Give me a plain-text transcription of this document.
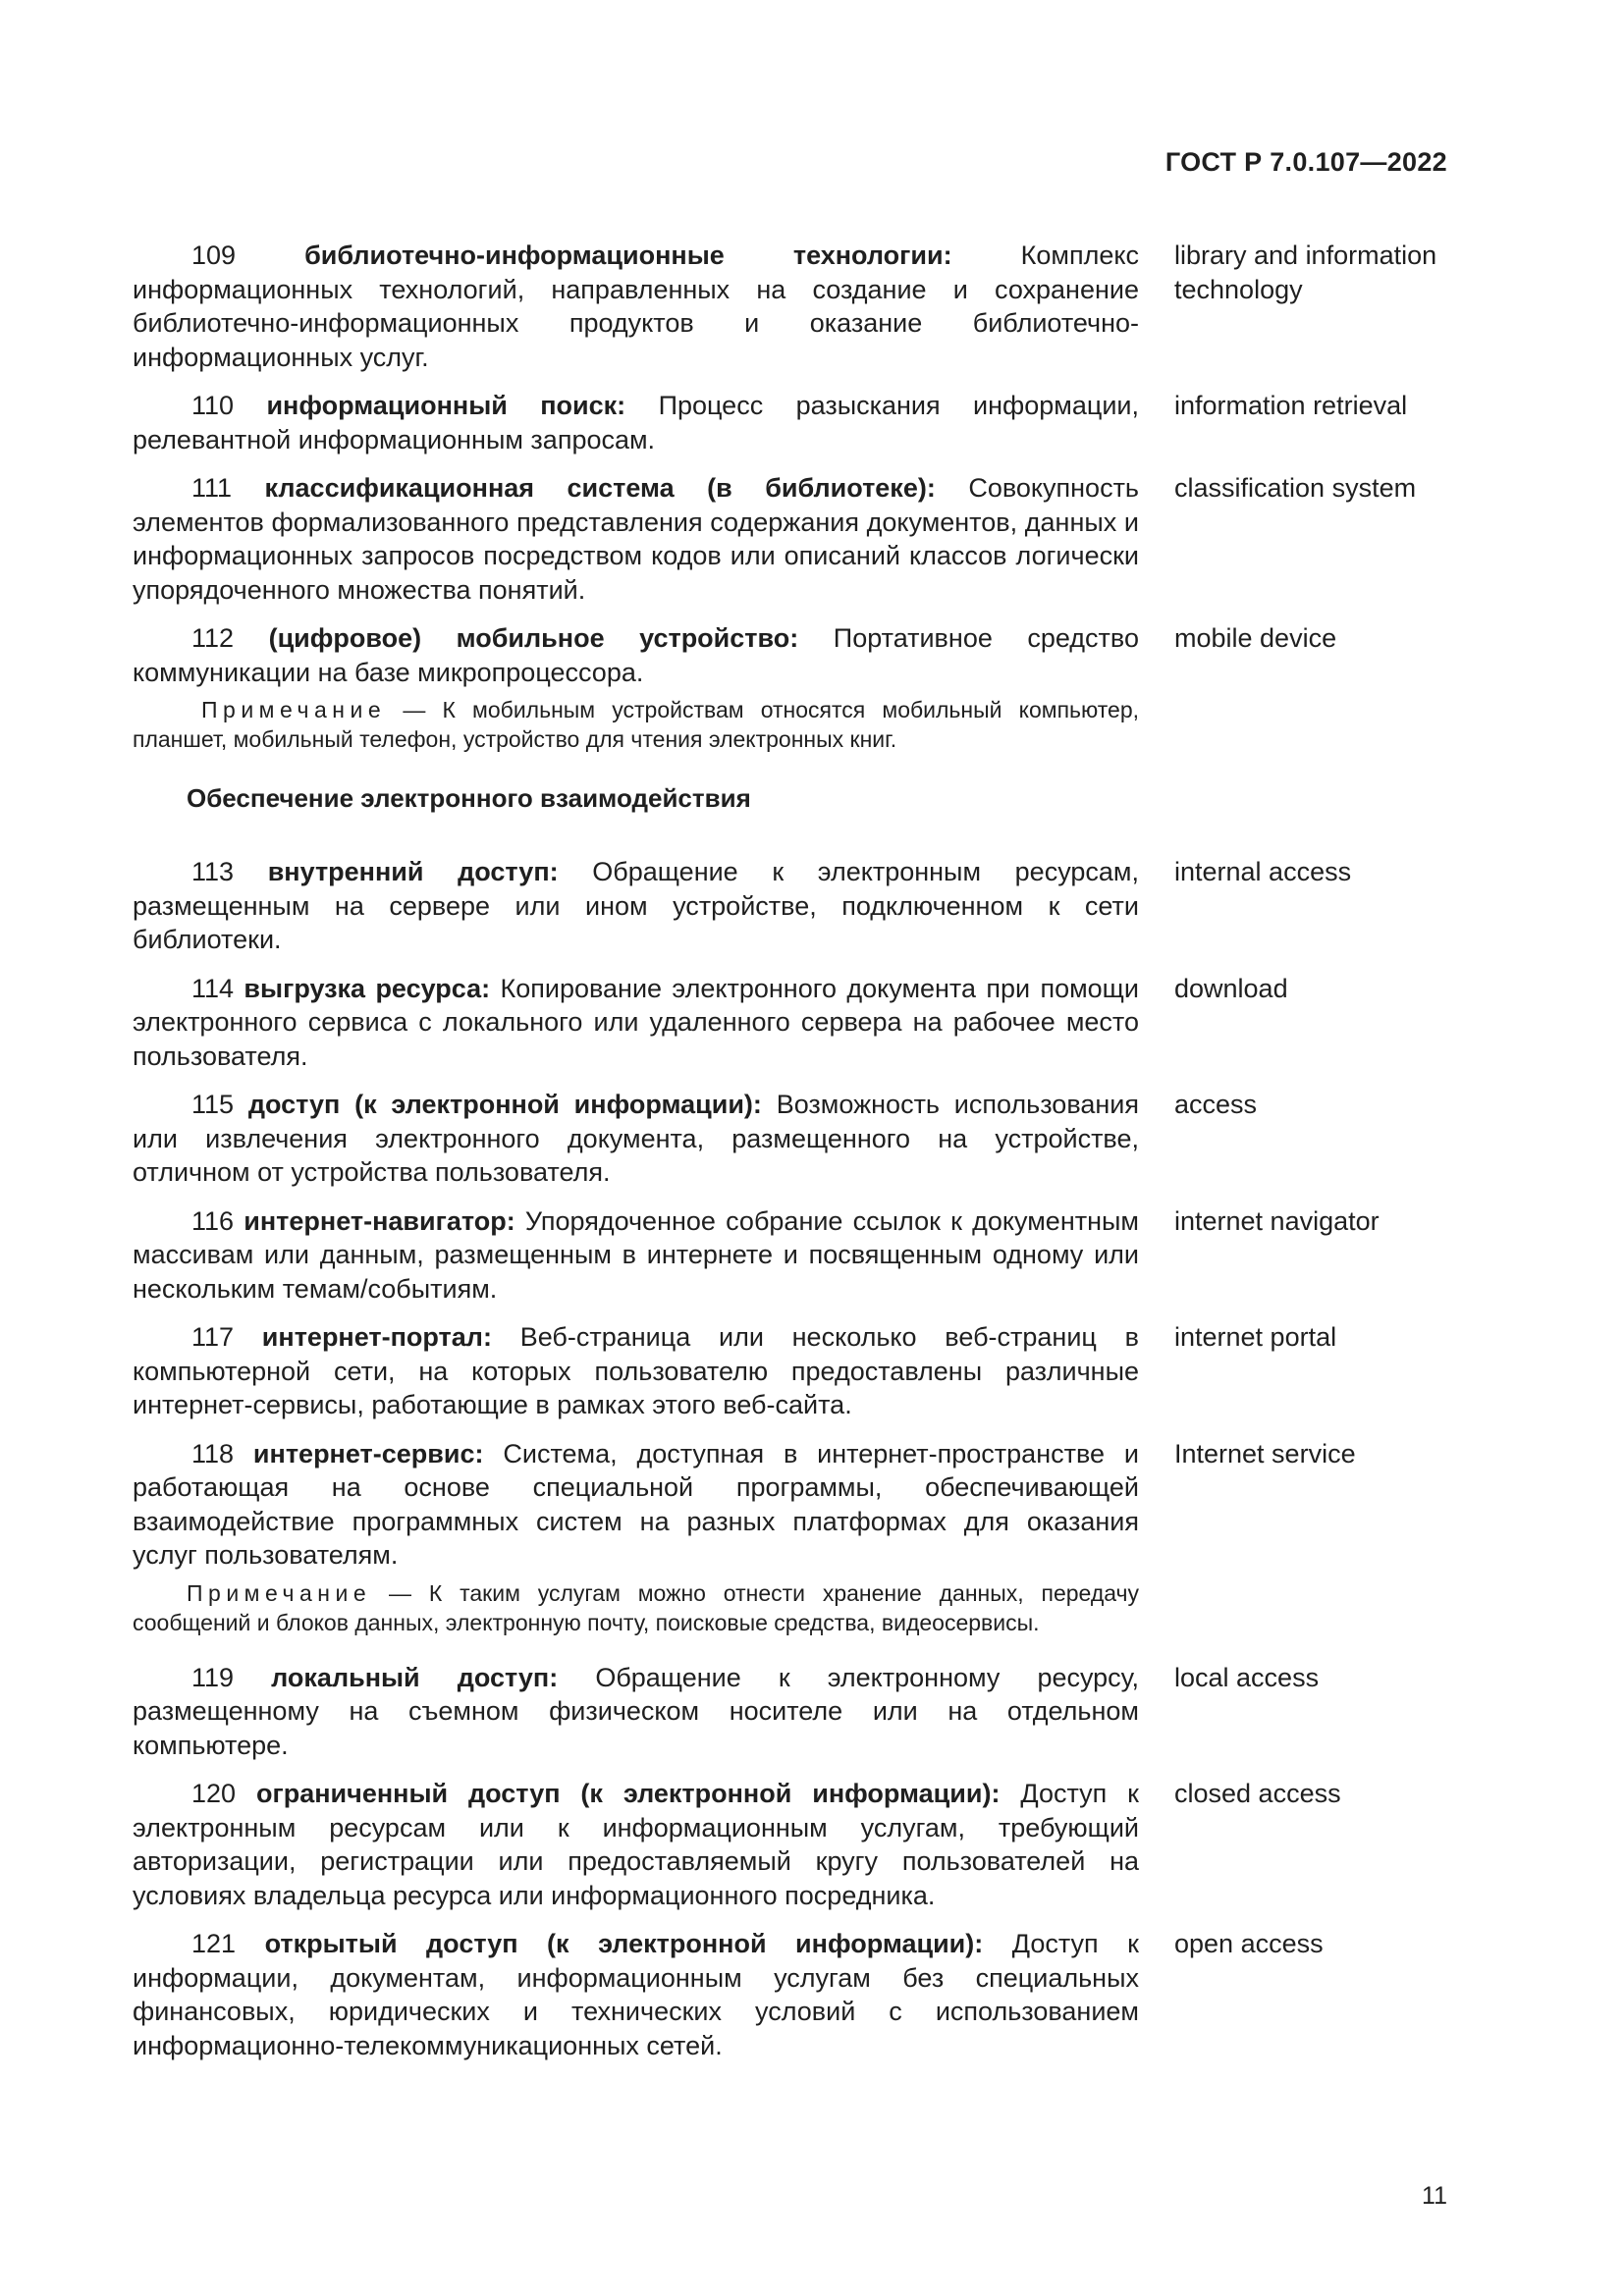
ГОСТ Р 7.0.107—2022
109	библиотечно-информационные технологии:	Комплекс информационных технологий, направленных на создание и сохранение библиотечно-информационных продуктов и оказание библиотечно-информационных услуг.
library and information technology
110 информационный поиск: Процесс разыскания информации, релевантной информационным запросам.
information retrieval
111 классификационная система (в библиотеке): Совокупность элементов формализованного представления содержания документов, данных и информационных запросов посредством кодов или описаний классов логически упорядоченного множества понятий.
classification system
112 (цифровое) мобильное устройство: Портативное средство коммуникации на базе микропроцессора.
mobile device
Примечание — К мобильным устройствам относятся мобильный компьютер, планшет, мобильный телефон, устройство для чтения электронных книг.
Обеспечение электронного взаимодействия
113 внутренний доступ: Обращение к электронным ресурсам, размещенным на сервере или ином устройстве, подключенном к сети библиотеки.
internal access
114 выгрузка ресурса: Копирование электронного документа при помощи электронного сервиса с локального или удаленного сервера на рабочее место пользователя.
download
115 доступ (к электронной информации): Возможность использования или извлечения электронного документа, размещенного на устройстве, отличном от устройства пользователя.
access
116 интернет-навигатор: Упорядоченное собрание ссылок к документным массивам или данным, размещенным в интернете и посвященным одному или нескольким темам/событиям.
internet navigator
117 интернет-портал: Веб-страница или несколько веб-страниц в компьютерной сети, на которых пользователю предоставлены различные интернет-сервисы, работающие в рамках этого веб-сайта.
internet portal
118 интернет-сервис: Система, доступная в интернет-пространстве и работающая на основе специальной программы, обеспечивающей взаимодействие программных систем на разных платформах для оказания услуг пользователям.
Internet service
Примечание — К таким услугам можно отнести хранение данных, передачу сообщений и блоков данных, электронную почту, поисковые средства, видеосервисы.
119 локальный доступ: Обращение к электронному ресурсу, размещенному на съемном физическом носителе или на отдельном компьютере.
local access
120 ограниченный доступ (к электронной информации): Доступ к электронным ресурсам или к информационным услугам, требующий авторизации, регистрации или предоставляемый кругу пользователей на условиях владельца ресурса или информационного посредника.
closed access
121 открытый доступ (к электронной информации): Доступ к информации, документам, информационным услугам без специальных финансовых, юридических и технических условий с использованием информационно-телекоммуникационных сетей.
open access
11
